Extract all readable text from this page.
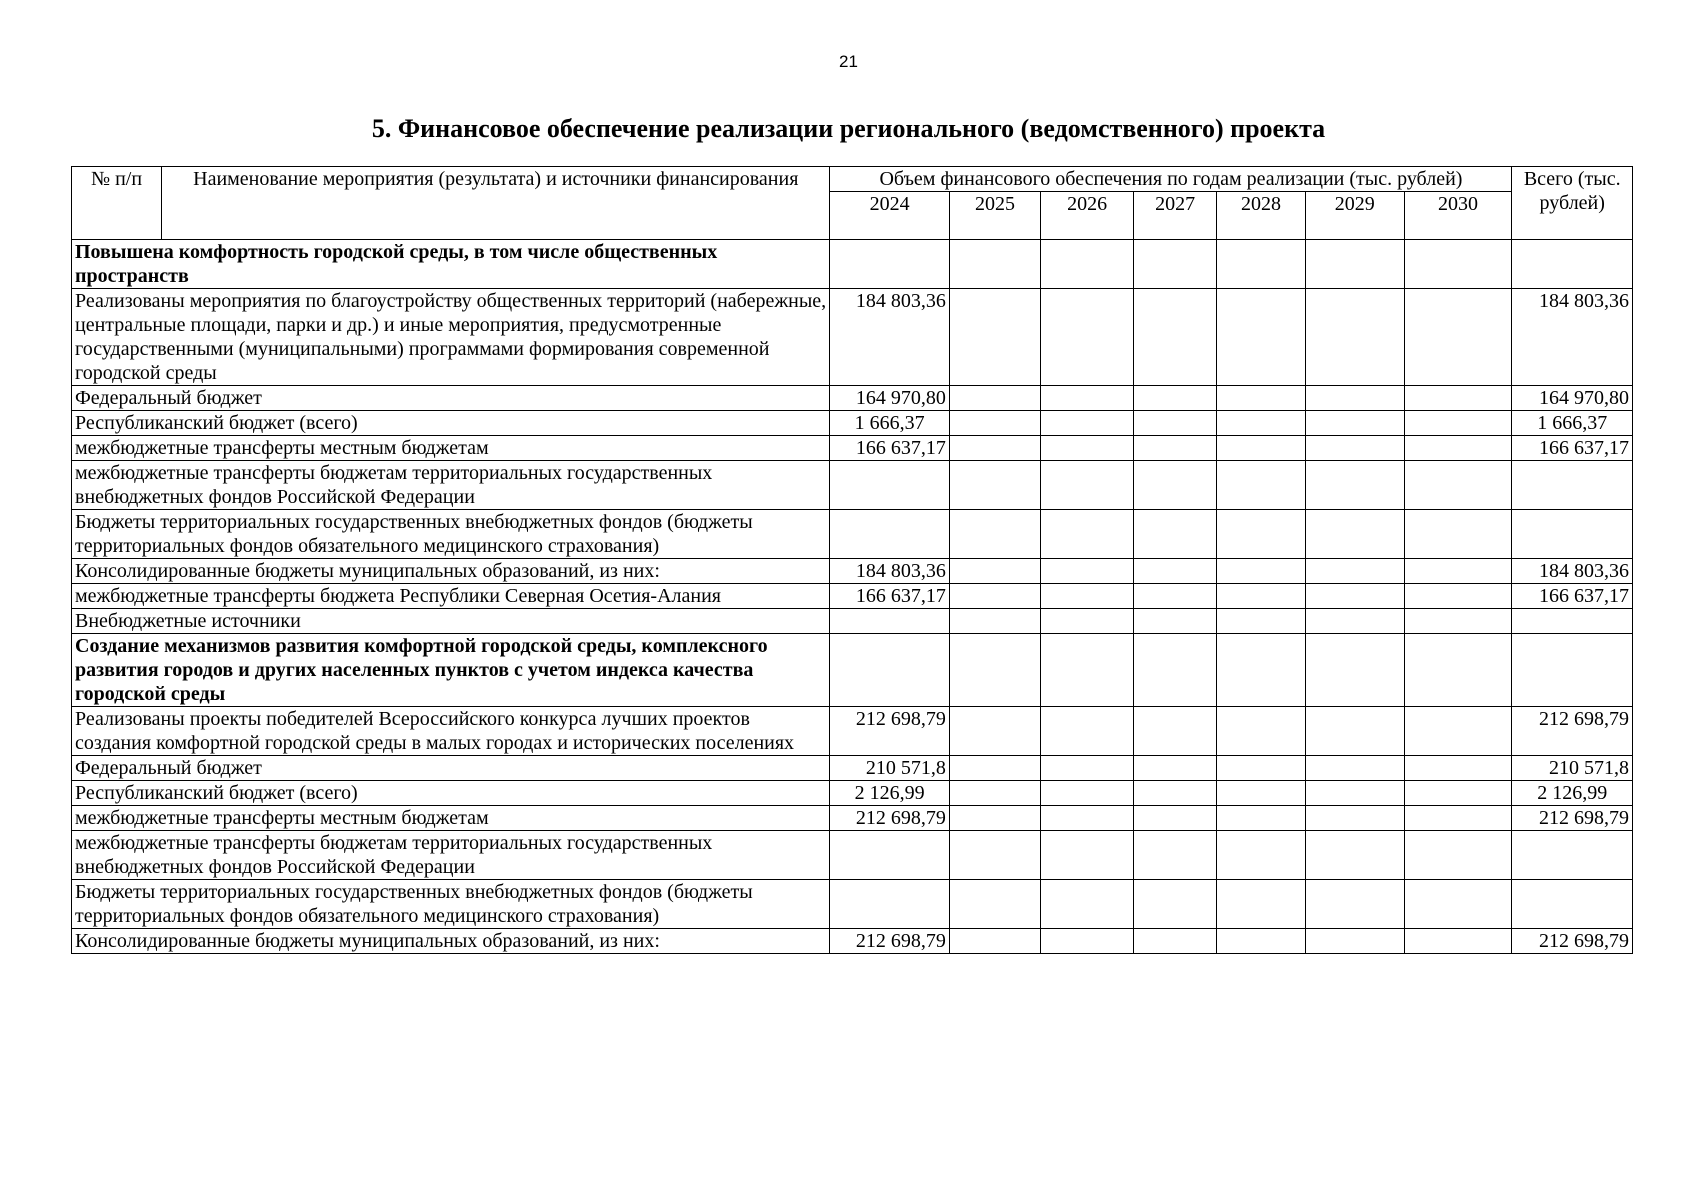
21
5. Финансовое обеспечение реализации регионального (ведомственного) проекта
№ п/п	Наименование мероприятия (результата) и источники финансирования	Объем финансового обеспечения по годам реализации (тыс. рублей)							Всего (тыс. рублей)
		2024	2025	2026	2027	2028	2029	2030	
Повышена комфортность городской среды, в том числе общественных пространств									
Реализованы мероприятия по благоустройству общественных территорий (набережные, центральные площади, парки и др.) и иные мероприятия, предусмотренные государственными (муниципальными) программами формирования современной городской среды		184 803,36							184 803,36
Федеральный бюджет		164 970,80							164 970,80
Республиканский бюджет (всего)		1 666,37							1 666,37
межбюджетные трансферты местным бюджетам		166 637,17							166 637,17
межбюджетные трансферты бюджетам территориальных государственных внебюджетных фондов Российской Федерации									
Бюджеты территориальных государственных внебюджетных фондов (бюджеты территориальных фондов обязательного медицинского страхования)									
Консолидированные бюджеты муниципальных образований, из них:		184 803,36							184 803,36
межбюджетные трансферты бюджета Республики Северная Осетия-Алания		166 637,17							166 637,17
Внебюджетные источники									
Создание механизмов развития комфортной городской среды, комплексного развития городов и других населенных пунктов с учетом индекса качества городской среды									
Реализованы проекты победителей Всероссийского конкурса лучших проектов создания комфортной городской среды в малых городах и исторических поселениях		212 698,79							212 698,79
Федеральный бюджет		210 571,8							210 571,8
Республиканский бюджет (всего)		2 126,99							2 126,99
межбюджетные трансферты местным бюджетам		212 698,79							212 698,79
межбюджетные трансферты бюджетам территориальных государственных внебюджетных фондов Российской Федерации									
Бюджеты территориальных государственных внебюджетных фондов (бюджеты территориальных фондов обязательного медицинского страхования)									
Консолидированные бюджеты муниципальных образований, из них:		212 698,79							212 698,79
